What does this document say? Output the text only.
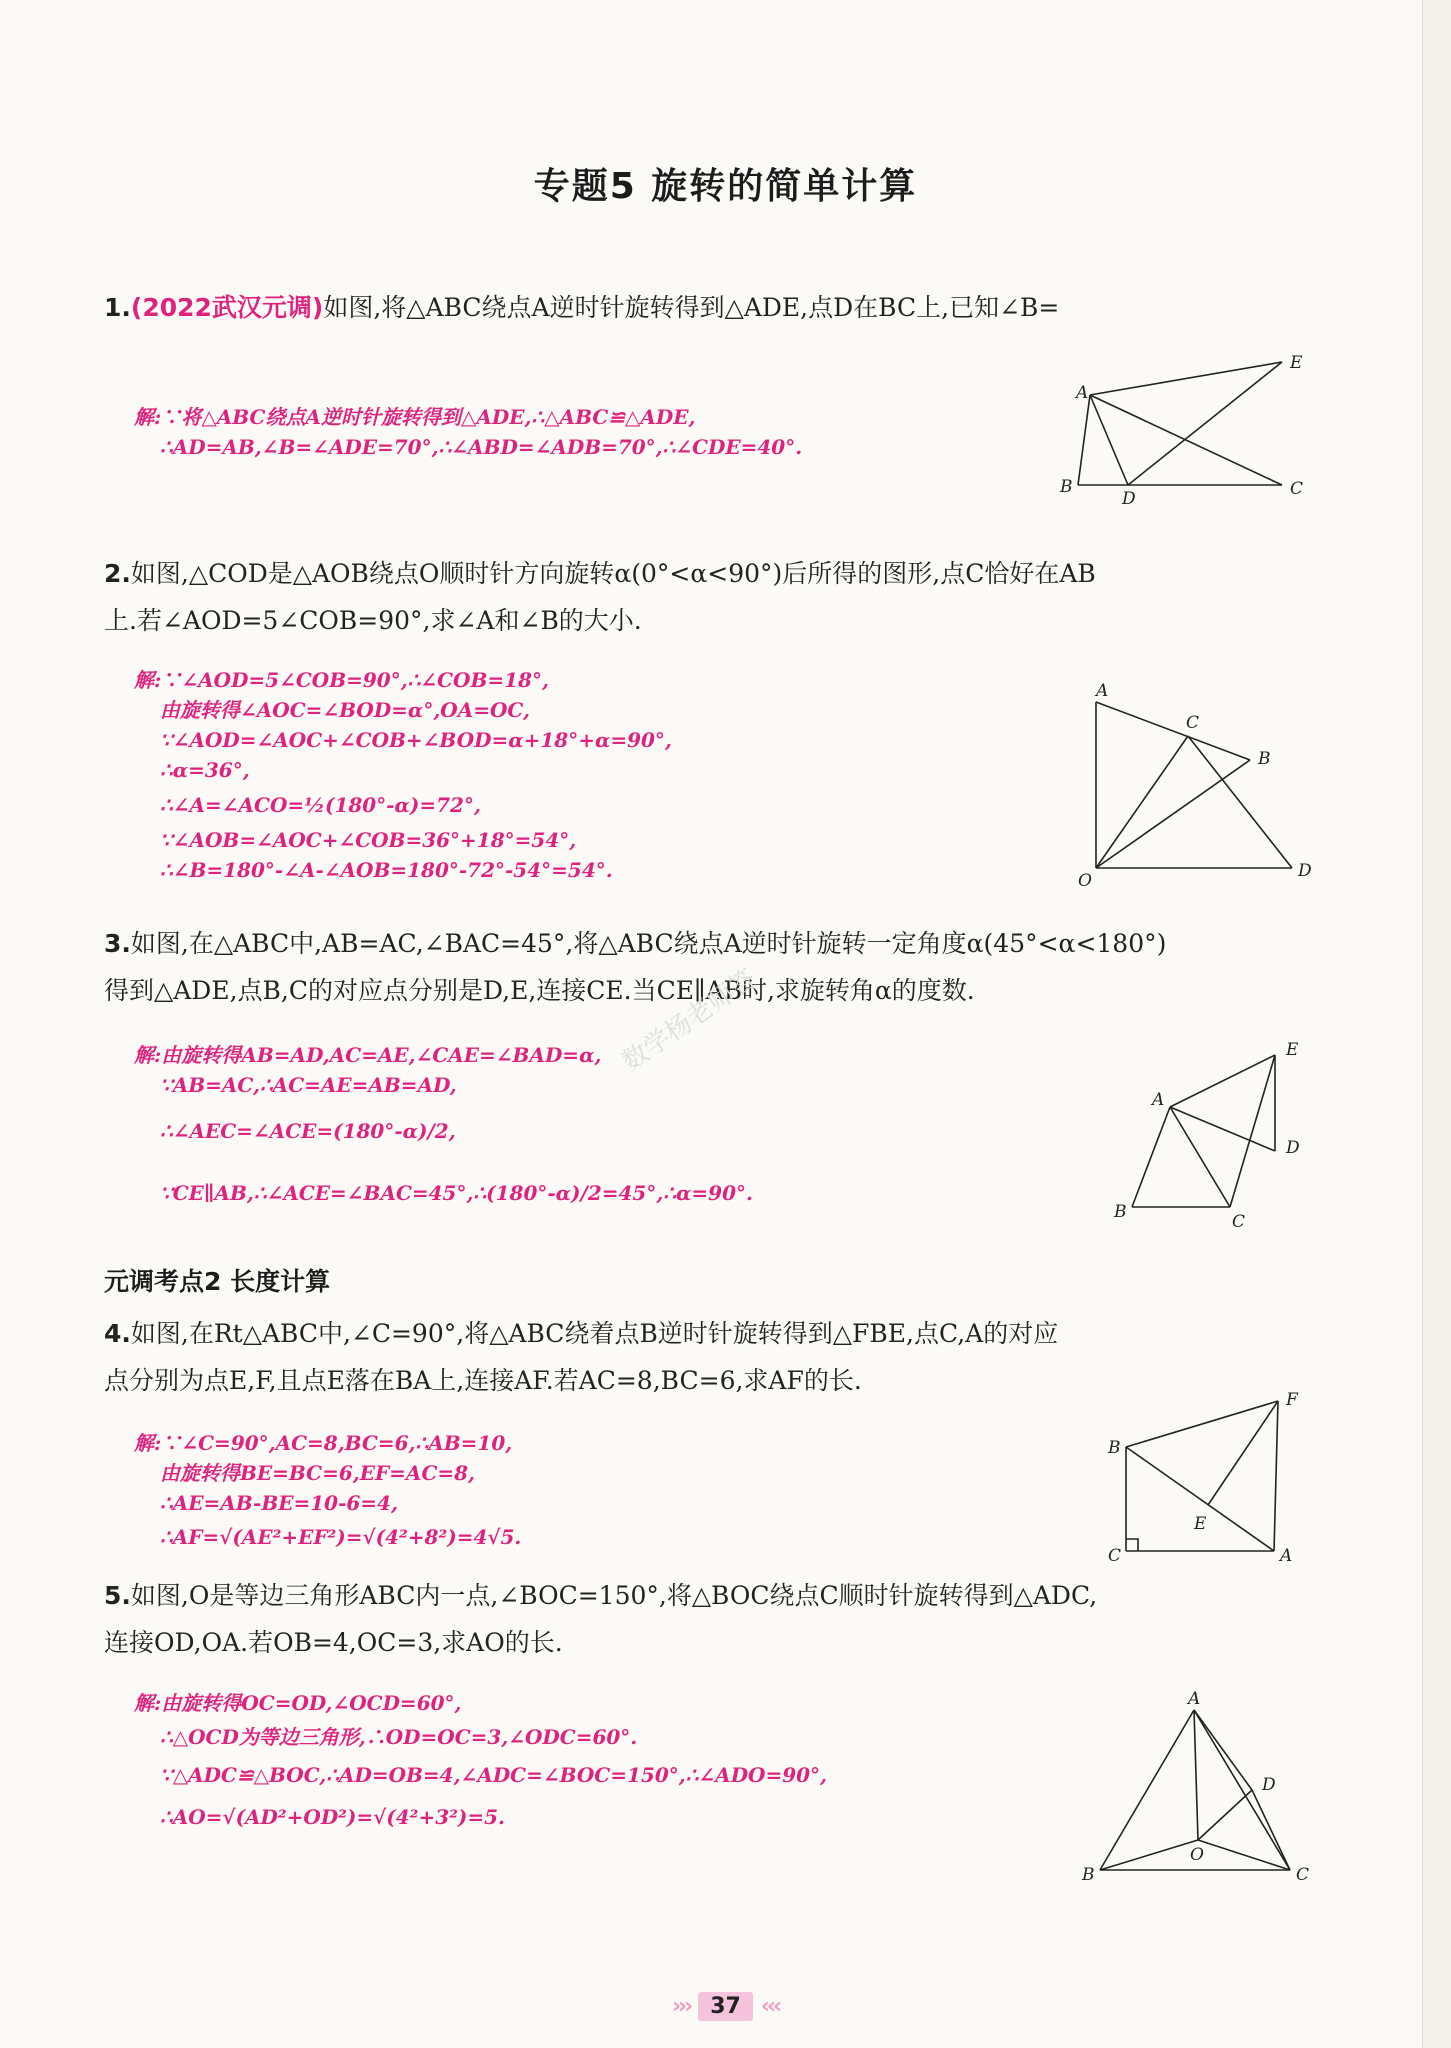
专题5 旋转的简单计算
1.(2022武汉元调)如图,将△ABC绕点A逆时针旋转得到△ADE,点D在BC上,已知∠B=
解:∵将△ABC绕点A逆时针旋转得到△ADE,∴△ABC≌△ADE,
∴AD=AB,∠B=∠ADE=70°,∴∠ABD=∠ADB=70°,∴∠CDE=40°.
A
B
D	C
E
2.如图,△COD是△AOB绕点O顺时针方向旋转α(0°<α<90°)后所得的图形,点C恰好在AB
上.若∠AOD=5∠COB=90°,求∠A和∠B的大小.
解:∵∠AOD=5∠COB=90°,∴∠COB=18°,
由旋转得∠AOC=∠BOD=α°,OA=OC,
∵∠AOD=∠AOC+∠COB+∠BOD=α+18°+α=90°,
∴α=36°,
∴∠A=∠ACO=½(180°-α)=72°,
∵∠AOB=∠AOC+∠COB=36°+18°=54°,
∴∠B=180°-∠A-∠AOB=180°-72°-54°=54°.
A
C
B
O	D
3.如图,在△ABC中,AB=AC,∠BAC=45°,将△ABC绕点A逆时针旋转一定角度α(45°<α<180°)
得到△ADE,点B,C的对应点分别是D,E,连接CE.当CE∥AB时,求旋转角α的度数.
解:由旋转得AB=AD,AC=AE,∠CAE=∠BAD=α,
∵AB=AC,∴AC=AE=AB=AD,
∴∠AEC=∠ACE=(180°-α)/2,
∵CE∥AB,∴∠ACE=∠BAC=45°,∴(180°-α)/2=45°,∴α=90°.
A
B	C
D
E
元调考点2 长度计算
4.如图,在Rt△ABC中,∠C=90°,将△ABC绕着点B逆时针旋转得到△FBE,点C,A的对应
点分别为点E,F,且点E落在BA上,连接AF.若AC=8,BC=6,求AF的长.
解:∵∠C=90°,AC=8,BC=6,∴AB=10,
由旋转得BE=BC=6,EF=AC=8,
∴AE=AB-BE=10-6=4,
∴AF=√(AE²+EF²)=√(4²+8²)=4√5.
B
C	A
E
F
5.如图,O是等边三角形ABC内一点,∠BOC=150°,将△BOC绕点C顺时针旋转得到△ADC,
连接OD,OA.若OB=4,OC=3,求AO的长.
解:由旋转得OC=OD,∠OCD=60°,
∴△OCD为等边三角形,∴OD=OC=3,∠ODC=60°.
∵△ADC≌△BOC,∴AD=OB=4,∠ADC=∠BOC=150°,∴∠ADO=90°,
∴AO=√(AD²+OD²)=√(4²+3²)=5.
A
B	C
D
O
数学杨老师答
››› 37 ‹‹‹
